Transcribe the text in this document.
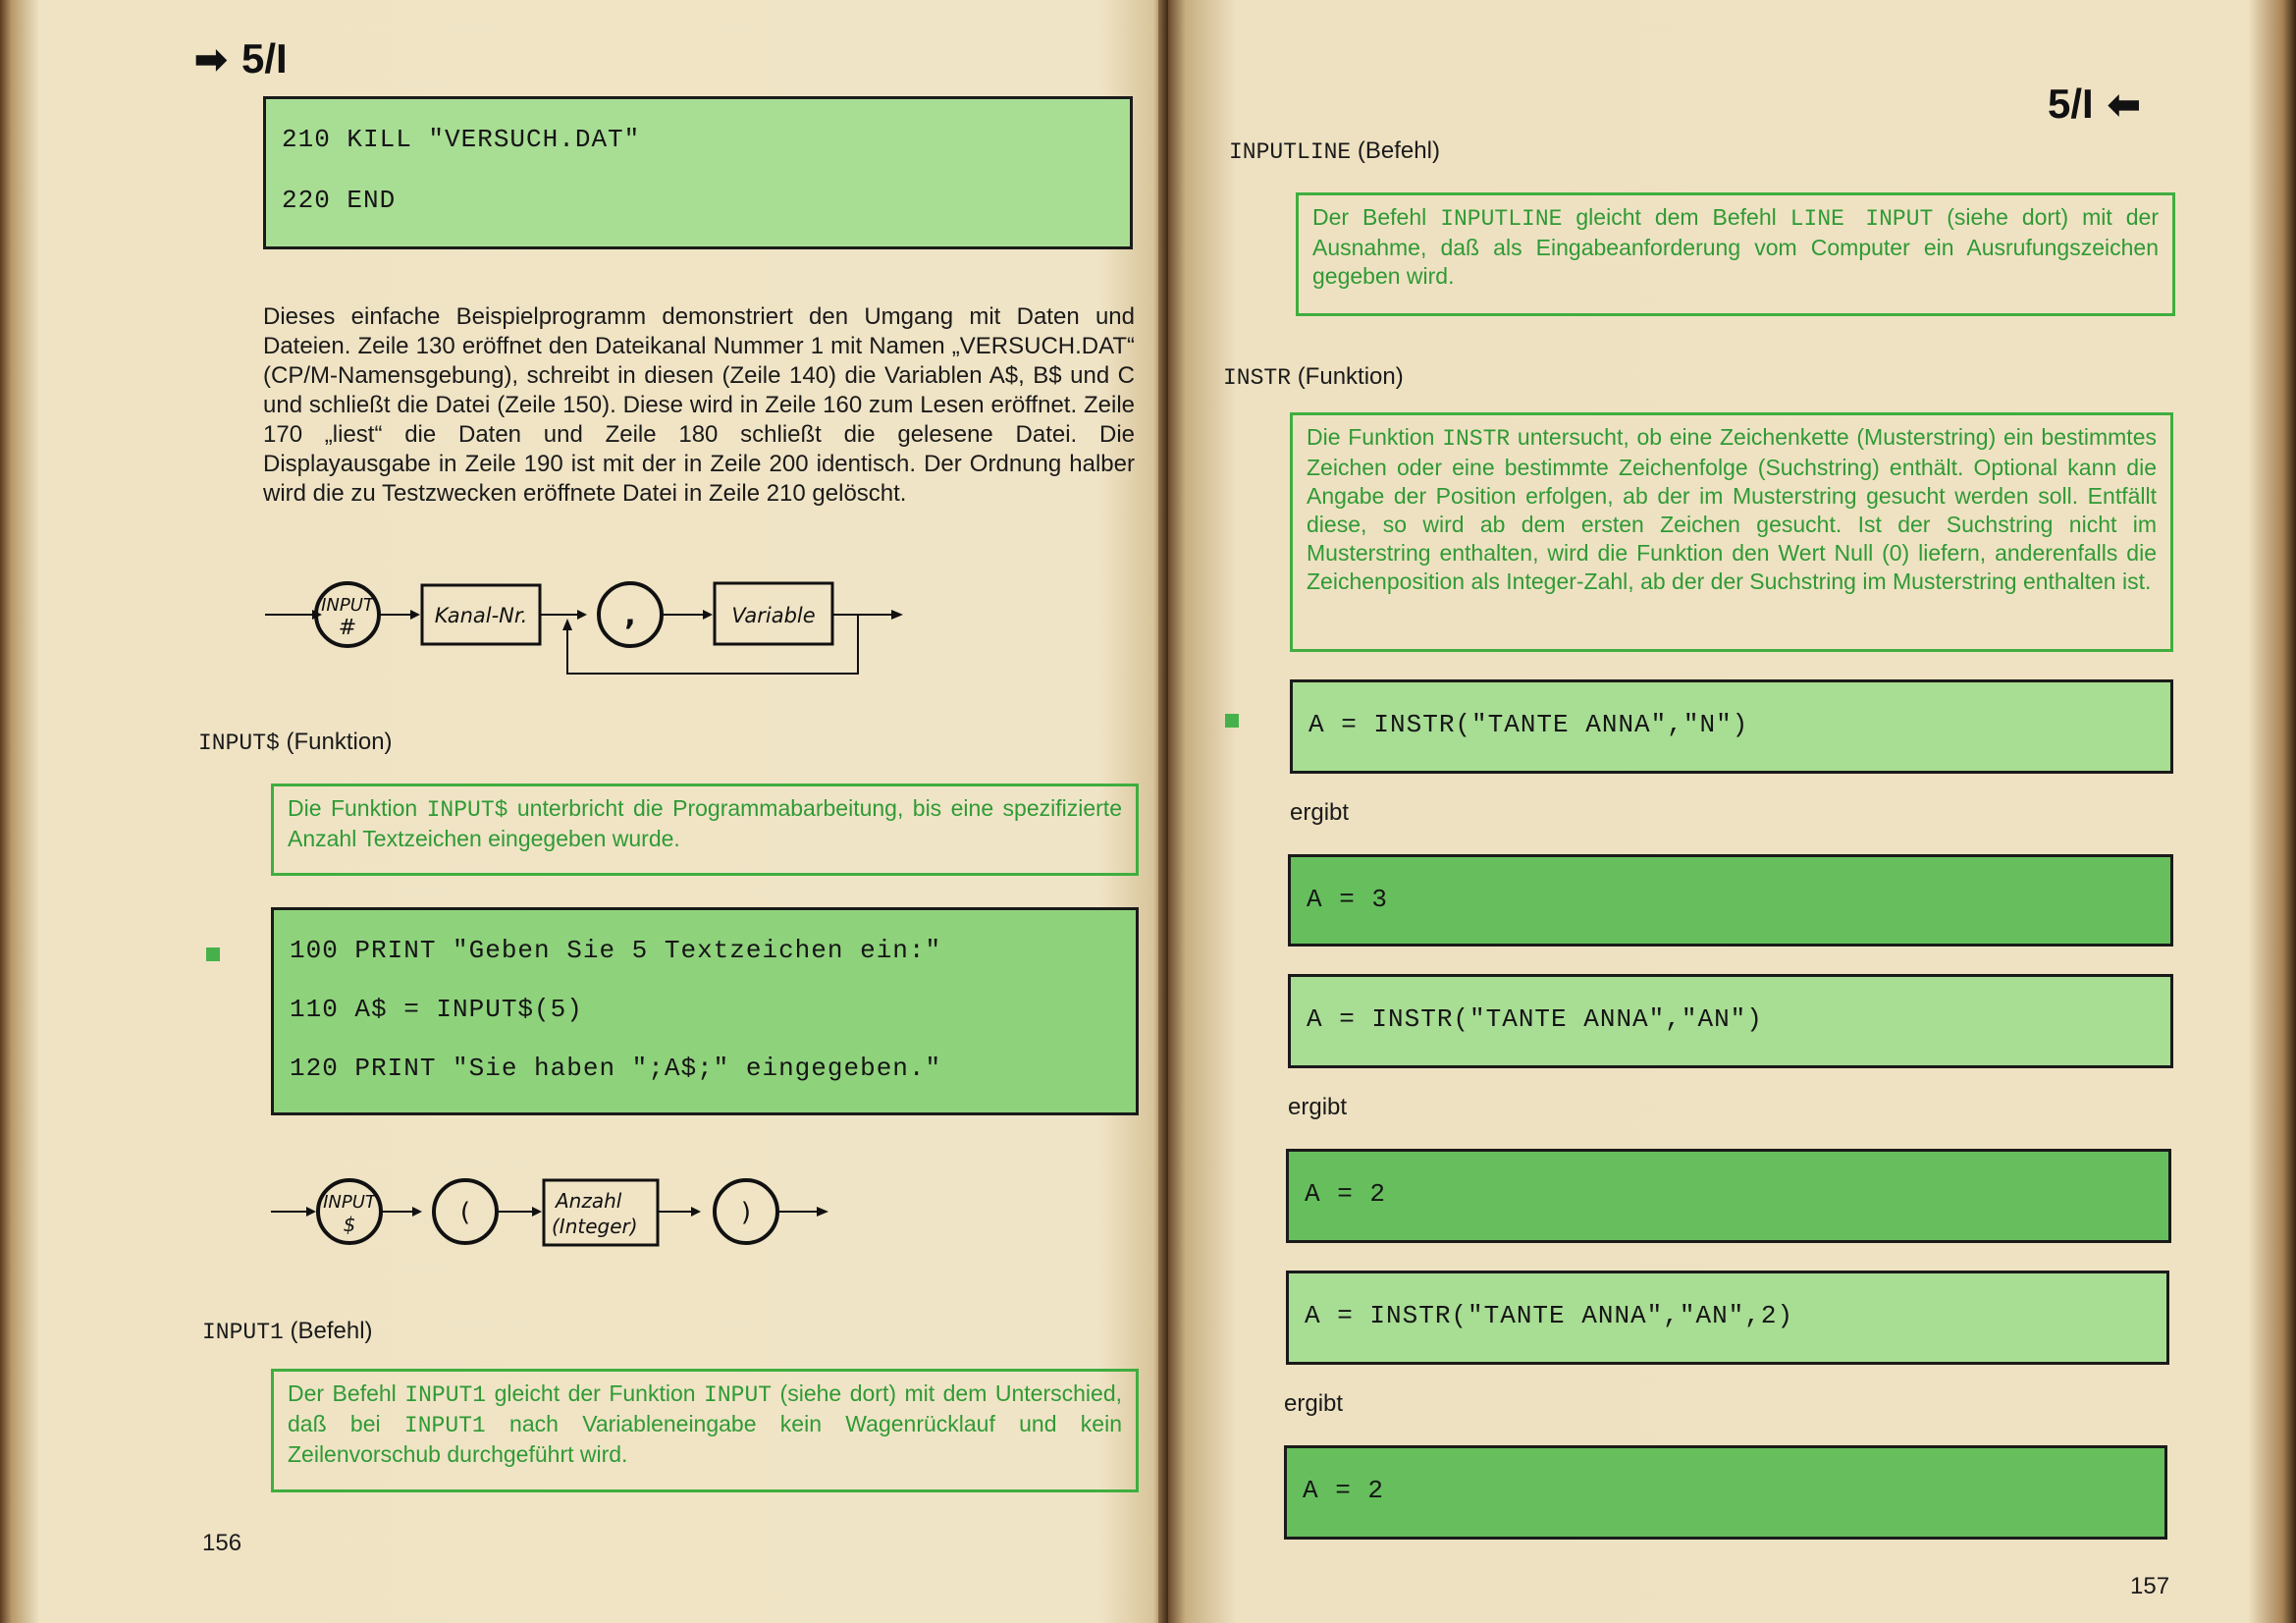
➡ 5/I
210 KILL "VERSUCH.DAT"
220 END
Dieses einfache Beispielprogramm demonstriert den Umgang mit Daten und Dateien. Zeile 130 eröffnet den Dateikanal Nummer 1 mit Namen „VERSUCH.DAT“ (CP/M-Namensgebung), schreibt in diesen (Zeile 140) die Variablen A$, B$ und C und schließt die Datei (Zeile 150). Diese wird in Zeile 160 zum Lesen eröffnet. Zeile 170 „liest“ die Daten und Zeile 180 schließt die gelesene Datei. Die Displayausgabe in Zeile 190 ist mit der in Zeile 200 identisch. Der Ordnung halber wird die zu Testzwecken eröffnete Datei in Zeile 210 gelöscht.
INPUT
#	Kanal-Nr.	,	Variable
INPUT$ (Funktion)
Die Funktion INPUT$ unterbricht die Programmabarbeitung, bis eine spezifizierte Anzahl Textzeichen eingegeben wurde.
100 PRINT "Geben Sie 5 Textzeichen ein:"
110 A$ = INPUT$(5)
120 PRINT "Sie haben ";A$;" eingegeben."
INPUT
$	(	Anzahl
(Integer)	)
INPUT1 (Befehl)
Der Befehl INPUT1 gleicht der Funktion INPUT (siehe dort) mit dem Unterschied, daß bei INPUT1 nach Variableneingabe kein Wagenrücklauf und kein Zeilenvorschub durchgeführt wird.
156
5/I ⬅
INPUTLINE (Befehl)
Der Befehl INPUTLINE gleicht dem Befehl LINE INPUT (siehe dort) mit der Ausnahme, daß als Eingabeanforderung vom Computer ein Ausrufungszeichen gegeben wird.
INSTR (Funktion)
Die Funktion INSTR untersucht, ob eine Zeichenkette (Musterstring) ein bestimmtes Zeichen oder eine bestimmte Zeichenfolge (Suchstring) enthält. Optional kann die Angabe der Position erfolgen, ab der im Musterstring gesucht werden soll. Entfällt diese, so wird ab dem ersten Zeichen gesucht. Ist der Suchstring nicht im Musterstring enthalten, wird die Funktion den Wert Null (0) liefern, anderenfalls die Zeichenposition als Integer-Zahl, ab der der Suchstring im Musterstring enthalten ist.
A = INSTR("TANTE ANNA","N")
ergibt
A = 3
A = INSTR("TANTE ANNA","AN")
ergibt
A = 2
A = INSTR("TANTE ANNA","AN",2)
ergibt
A = 2
157
